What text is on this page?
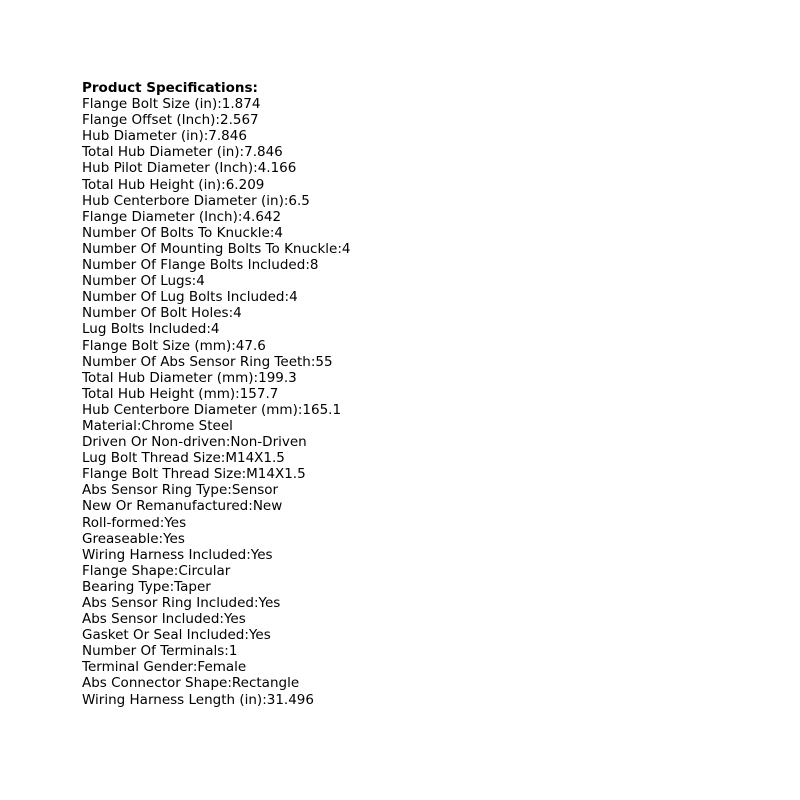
Product Specifications:
Flange Bolt Size (in):1.874
Flange Offset (Inch):2.567
Hub Diameter (in):7.846
Total Hub Diameter (in):7.846
Hub Pilot Diameter (Inch):4.166
Total Hub Height (in):6.209
Hub Centerbore Diameter (in):6.5
Flange Diameter (Inch):4.642
Number Of Bolts To Knuckle:4
Number Of Mounting Bolts To Knuckle:4
Number Of Flange Bolts Included:8
Number Of Lugs:4
Number Of Lug Bolts Included:4
Number Of Bolt Holes:4
Lug Bolts Included:4
Flange Bolt Size (mm):47.6
Number Of Abs Sensor Ring Teeth:55
Total Hub Diameter (mm):199.3
Total Hub Height (mm):157.7
Hub Centerbore Diameter (mm):165.1
Material:Chrome Steel
Driven Or Non-driven:Non-Driven
Lug Bolt Thread Size:M14X1.5
Flange Bolt Thread Size:M14X1.5
Abs Sensor Ring Type:Sensor
New Or Remanufactured:New
Roll-formed:Yes
Greaseable:Yes
Wiring Harness Included:Yes
Flange Shape:Circular
Bearing Type:Taper
Abs Sensor Ring Included:Yes
Abs Sensor Included:Yes
Gasket Or Seal Included:Yes
Number Of Terminals:1
Terminal Gender:Female
Abs Connector Shape:Rectangle
Wiring Harness Length (in):31.496
